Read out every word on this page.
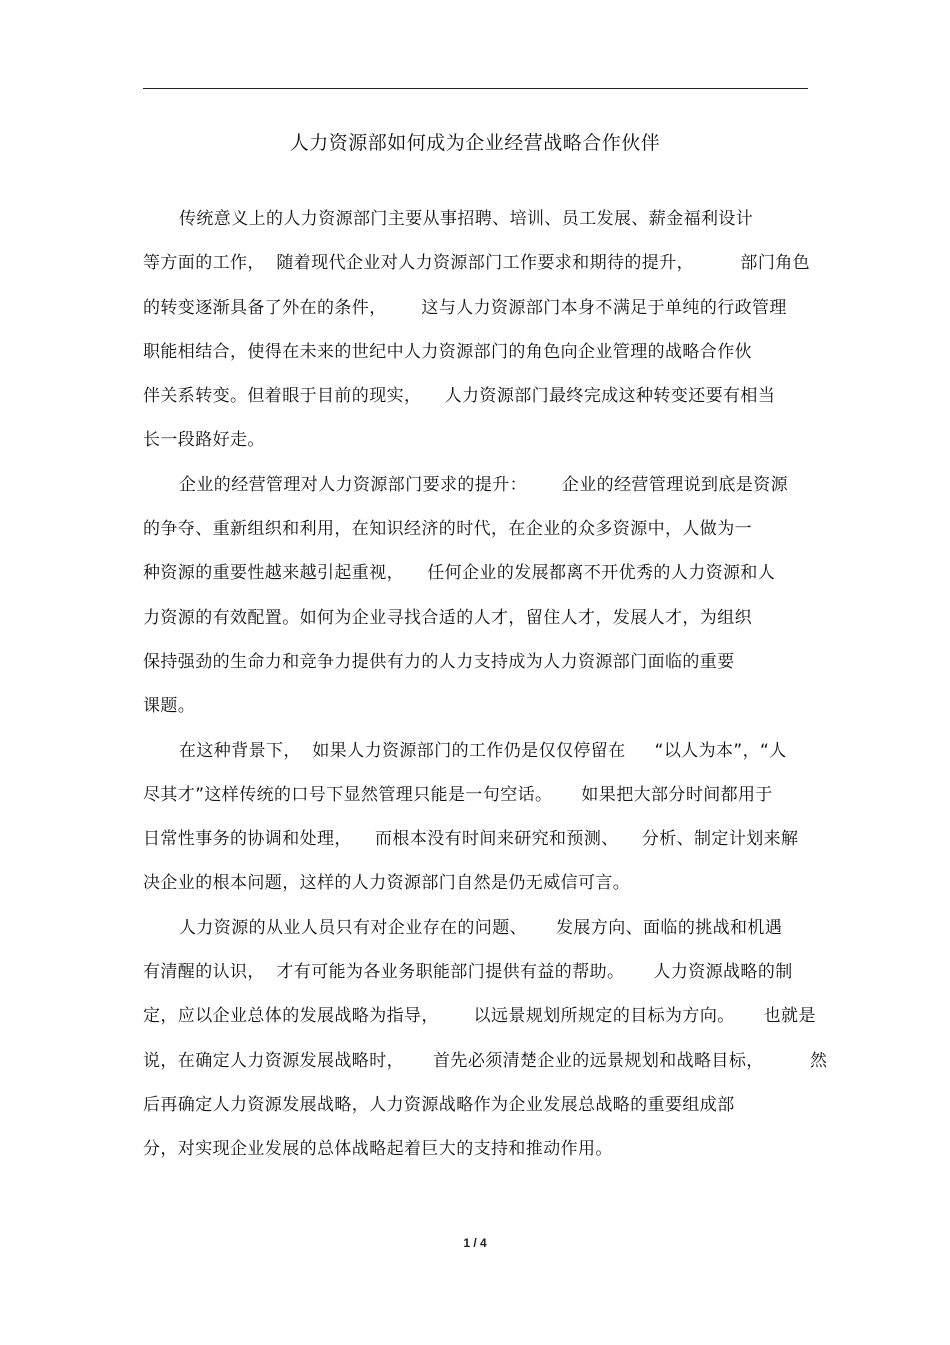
人力资源部如何成为企业经营战略合作伙伴
传统意义上的人力资源部门主要从事招聘、培训、员工发展、薪金福利设计
等方面的工作，  随着现代企业对人力资源部门工作要求和期待的提升，        部门角色
的转变逐渐具备了外在的条件，      这与人力资源部门本身不满足于单纯的行政管理
职能相结合，使得在未来的世纪中人力资源部门的角色向企业管理的战略合作伙
伴关系转变。但着眼于目前的现实，    人力资源部门最终完成这种转变还要有相当
长一段路好走。
企业的经营管理对人力资源部门要求的提升：      企业的经营管理说到底是资源
的争夺、重新组织和利用，在知识经济的时代，在企业的众多资源中，人做为一
种资源的重要性越来越引起重视，    任何企业的发展都离不开优秀的人力资源和人
力资源的有效配置。如何为企业寻找合适的人才，留住人才，发展人才，为组织
保持强劲的生命力和竞争力提供有力的人力支持成为人力资源部门面临的重要
课题。
在这种背景下，  如果人力资源部门的工作仍是仅仅停留在     “以人为本”，“人
尽其才”这样传统的口号下显然管理只能是一句空话。     如果把大部分时间都用于
日常性事务的协调和处理，    而根本没有时间来研究和预测、    分析、制定计划来解
决企业的根本问题，这样的人力资源部门自然是仍无威信可言。
人力资源的从业人员只有对企业存在的问题、     发展方向、面临的挑战和机遇
有清醒的认识，  才有可能为各业务职能部门提供有益的帮助。     人力资源战略的制
定，应以企业总体的发展战略为指导，      以远景规划所规定的目标为方向。     也就是
说，在确定人力资源发展战略时，     首先必须清楚企业的远景规划和战略目标，        然
后再确定人力资源发展战略，人力资源战略作为企业发展总战略的重要组成部
分，对实现企业发展的总体战略起着巨大的支持和推动作用。
1 / 4
